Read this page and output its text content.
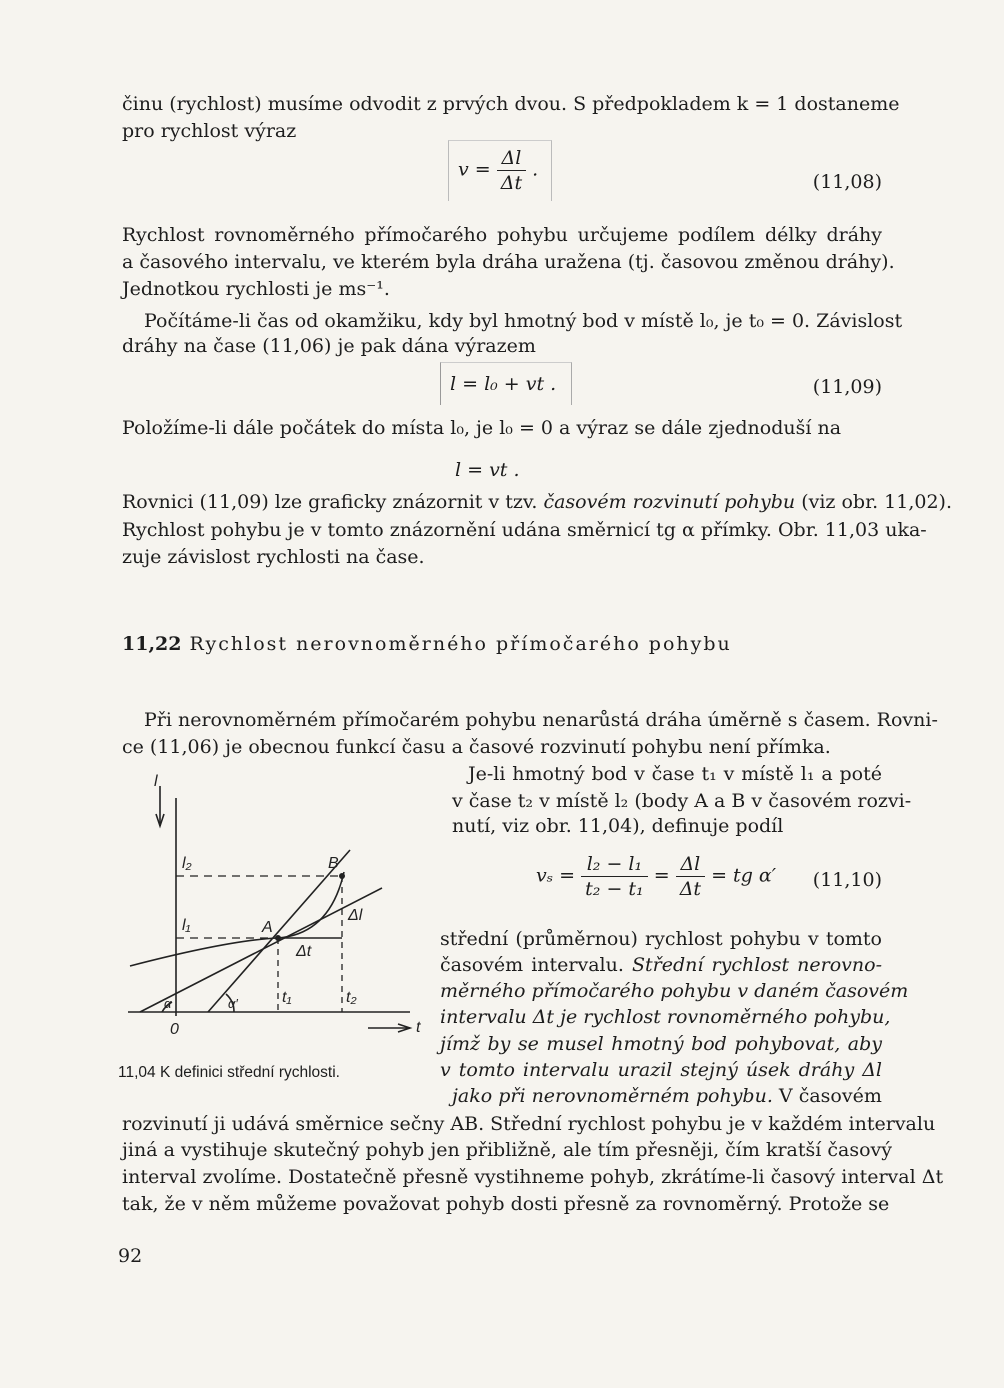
činu (rychlost) musíme odvodit z prvých dvou. S předpokladem k = 1 dostaneme
pro rychlost výraz
$v = \frac{\Delta l}{\Delta t}$ .
(11,08)
Rychlost rovnoměrného přímočarého pohybu určujeme podílem délky dráhy
a časového intervalu, ve kterém byla dráha uražena (tj. časovou změnou dráhy).
Jednotkou rychlosti je ms⁻¹.
Počítáme-li čas od okamžiku, kdy byl hmotný bod v místě l₀, je t₀ = 0. Závislost
dráhy na čase (11,06) je pak dána výrazem
l = l₀ + vt .	(11,09)
Položíme-li dále počátek do místa l₀, je l₀ = 0 a výraz se dále zjednoduší na
l = vt .
Rovnici (11,09) lze graficky znázornit v tzv. časovém rozvinutí pohybu (viz obr. 11,02).
Rychlost pohybu je v tomto znázornění udána směrnicí tg α přímky. Obr. 11,03 uka-
zuje závislost rychlosti na čase.
11,22 Rychlost nerovnoměrného přímočarého pohybu
Při nerovnoměrném přímočarém pohybu nenarůstá dráha úměrně s časem. Rovni-
ce (11,06) je obecnou funkcí času a časové rozvinutí pohybu není přímka.
Je-li hmotný bod v čase t₁ v místě l₁ a poté
v čase t₂ v místě l₂ (body A a B v časovém rozvi-
nutí, viz obr. 11,04), definuje podíl
$v_s = \frac{\text{l₂ − l₁}}{\text{t₂ − t₁}} = \frac{\Delta l}{\Delta t}$ = tg α′ (11,10)
střední (průměrnou) rychlost pohybu v tomto
časovém intervalu. Střední rychlost nerovno-
měrného přímočarého pohybu v daném časovém
intervalu Δt je rychlost rovnoměrného pohybu,
jímž by se musel hmotný bod pohybovat, aby
v tomto intervalu urazil stejný úsek dráhy Δl
jako při nerovnoměrném pohybu. V časovém
rozvinutí ji udává směrnice sečny AB. Střední rychlost pohybu je v každém intervalu
jiná a vystihuje skutečný pohyb jen přibližně, ale tím přesněji, čím kratší časový
interval zvolíme. Dostatečně přesně vystihneme pohyb, zkrátíme-li časový interval Δt
tak, že v něm můžeme považovat pohyb dosti přesně za rovnoměrný. Protože se
l
t
0
l₂
l₁	A
B
Δl
Δt
t₁	t₂
α	α′
11,04 K definici střední rychlosti.
92
